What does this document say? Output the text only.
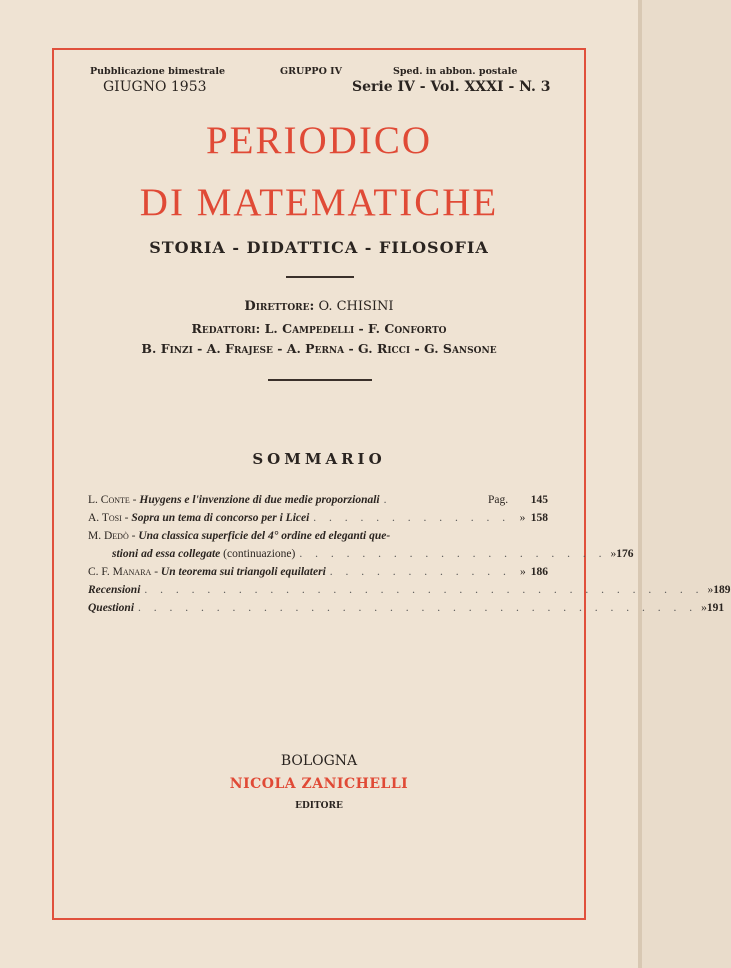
Pubblicazione bimestrale
GIUGNO 1953
GRUPPO IV	Sped. in abbon. postale
Serie IV - Vol. XXXI - N. 3
PERIODICO
DI MATEMATICHE
STORIA - DIDATTICA - FILOSOFIA
Direttore: O. CHISINI
Redattori: L. Campedelli - F. Conforto
B. Finzi - A. Frajese - A. Perna - G. Ricci - G. Sansone
SOMMARIO
L. Conte - Huygens e l'invenzione di due medie proporzionali .	Pag.	145
A. Tosi - Sopra un tema di concorso per i Licei . . . . . . . . . . . . . » 158
M. Dedò - Una classica superficie del 4° ordine ed eleganti que-
stioni ad essa collegate (continuazione) . . . . . . . . . . . . . . . . . . . . » 176
C. F. Manara - Un teorema sui triangoli equilateri . . . . . . . . . . . . » 186
Recensioni . . . . . . . . . . . . . . . . . . . . . . . . . . . . . . . . . . . . » 189
Questioni . . . . . . . . . . . . . . . . . . . . . . . . . . . . . . . . . . . . » 191
BOLOGNA
NICOLA ZANICHELLI
EDITORE
